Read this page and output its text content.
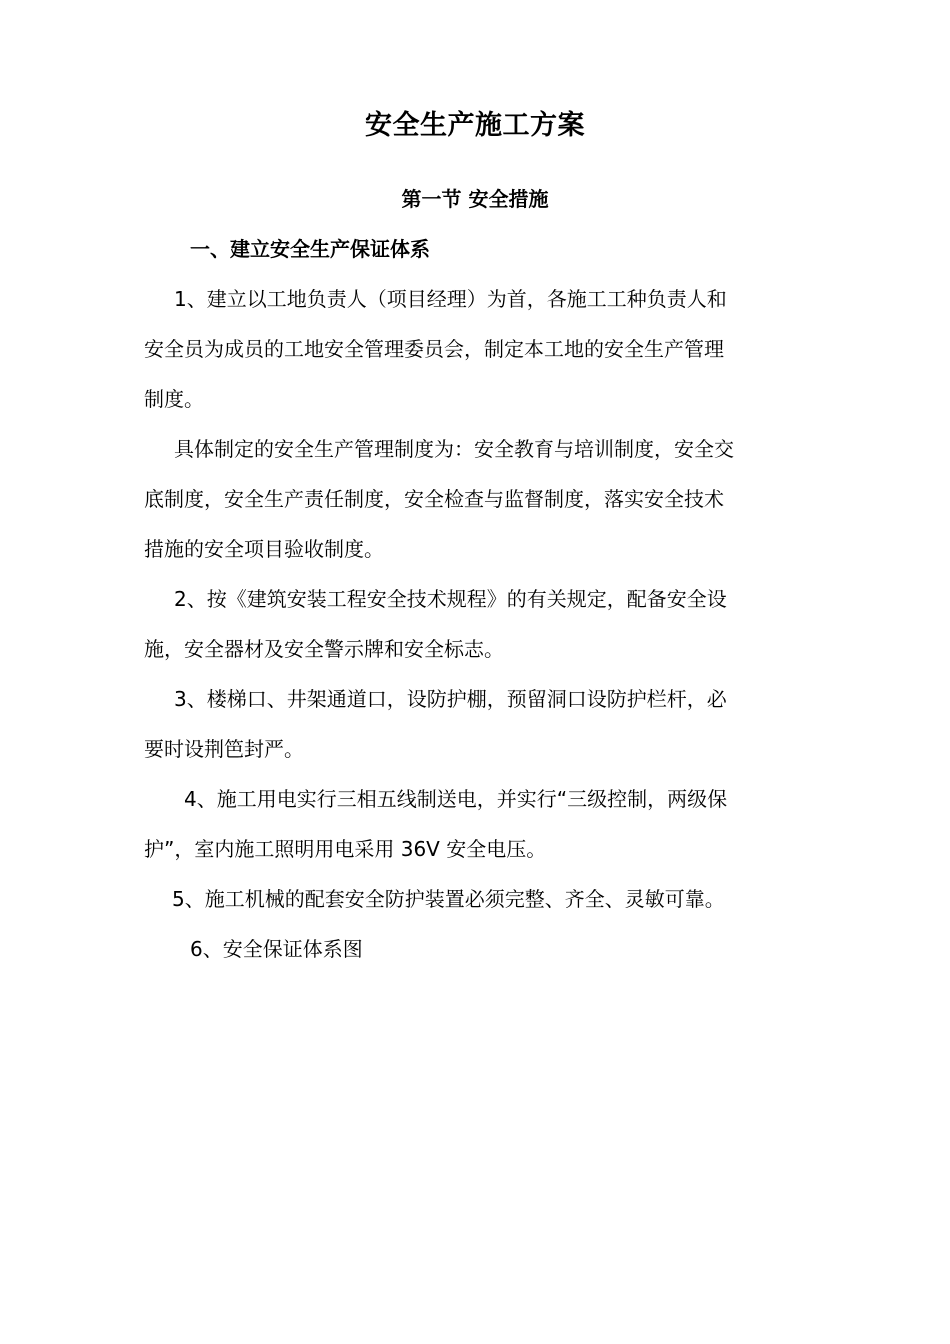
安全生产施工方案
第一节 安全措施
一、建立安全生产保证体系

1、建立以工地负责人（项目经理）为首，各施工工种负责人和

安全员为成员的工地安全管理委员会，制定本工地的安全生产管理

制度。

具体制定的安全生产管理制度为：安全教育与培训制度，安全交

底制度，安全生产责任制度，安全检查与监督制度，落实安全技术

措施的安全项目验收制度。

2、按《建筑安装工程安全技术规程》的有关规定，配备安全设

施，安全器材及安全警示牌和安全标志。

3、楼梯口、井架通道口，设防护棚，预留洞口设防护栏杆，必

要时设荆笆封严。

4、施工用电实行三相五线制送电，并实行“三级控制，两级保

护”，室内施工照明用电采用 36V 安全电压。

5、施工机械的配套安全防护装置必须完整、齐全、灵敏可靠。

6、安全保证体系图
